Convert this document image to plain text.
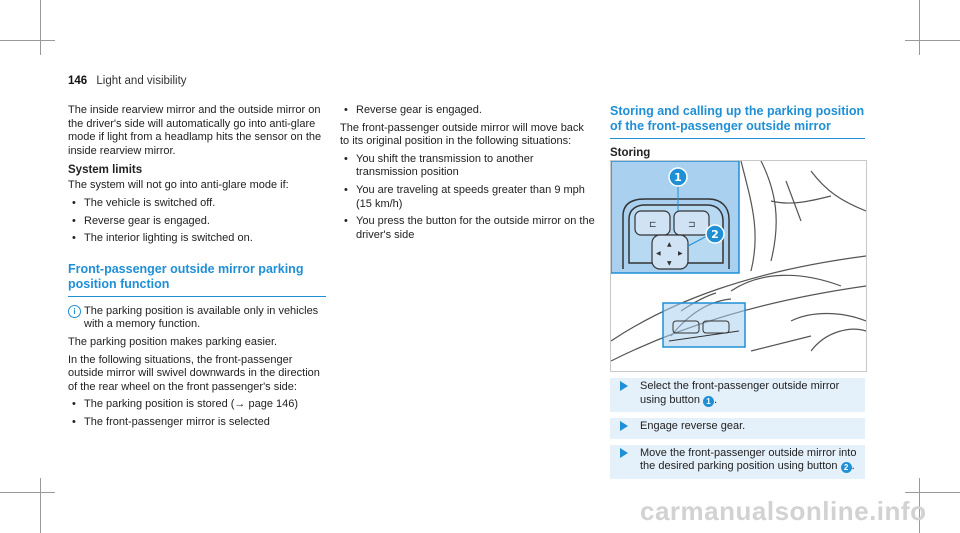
146 Light and visibility

The inside rearview mirror and the outside mirror on the driver's side will automatically go into anti-glare mode if light from a headlamp hits the sensor on the inside rearview mirror.

System limits

The system will not go into anti-glare mode if:

• The vehicle is switched off.
• Reverse gear is engaged.
• The interior lighting is switched on.
Front-passenger outside mirror parking position function

i The parking position is available only in vehicles with a memory function.

The parking position makes parking easier.

In the following situations, the front-passenger outside mirror will swivel downwards in the direction of the rear wheel on the front passenger's side:

• The parking position is stored (→ page 146)
• The front-passenger mirror is selected
• Reverse gear is engaged.

The front-passenger outside mirror will move back to its original position in the following situations:

• You shift the transmission to another transmission position
• You are traveling at speeds greater than 9 mph (15 km/h)
• You press the button for the outside mirror on the driver's side
Storing and calling up the parking position of the front-passenger outside mirror
Storing
⊏	⊐
▲
▼
◀	▶
1
2

Select the front-passenger outside mirror using button 1 .

Engage reverse gear.

Move the front-passenger outside mirror into the desired parking position using button 2 .

carmanualsonline.info
